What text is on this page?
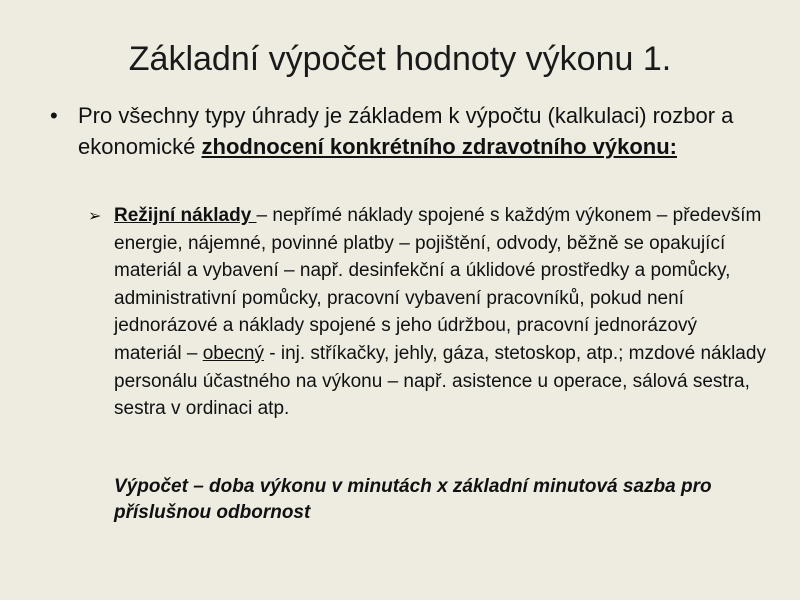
Základní výpočet hodnoty výkonu 1.
• Pro všechny typy úhrady je základem k výpočtu (kalkulaci) rozbor a ekonomické zhodnocení konkrétního zdravotního výkonu:
➢ Režijní náklady – nepřímé náklady spojené s každým výkonem – především energie, nájemné, povinné platby – pojištění, odvody, běžně se opakující materiál a vybavení – např. desinfekční a úklidové prostředky a pomůcky, administrativní pomůcky, pracovní vybavení pracovníků, pokud není jednorázové a náklady spojené s jeho údržbou, pracovní jednorázový materiál – obecný - inj. stříkačky, jehly, gáza, stetoskop, atp.; mzdové náklady personálu účastného na výkonu – např. asistence u operace, sálová sestra, sestra v ordinaci atp.
Výpočet – doba výkonu v minutách x základní minutová sazba pro příslušnou odbornost
